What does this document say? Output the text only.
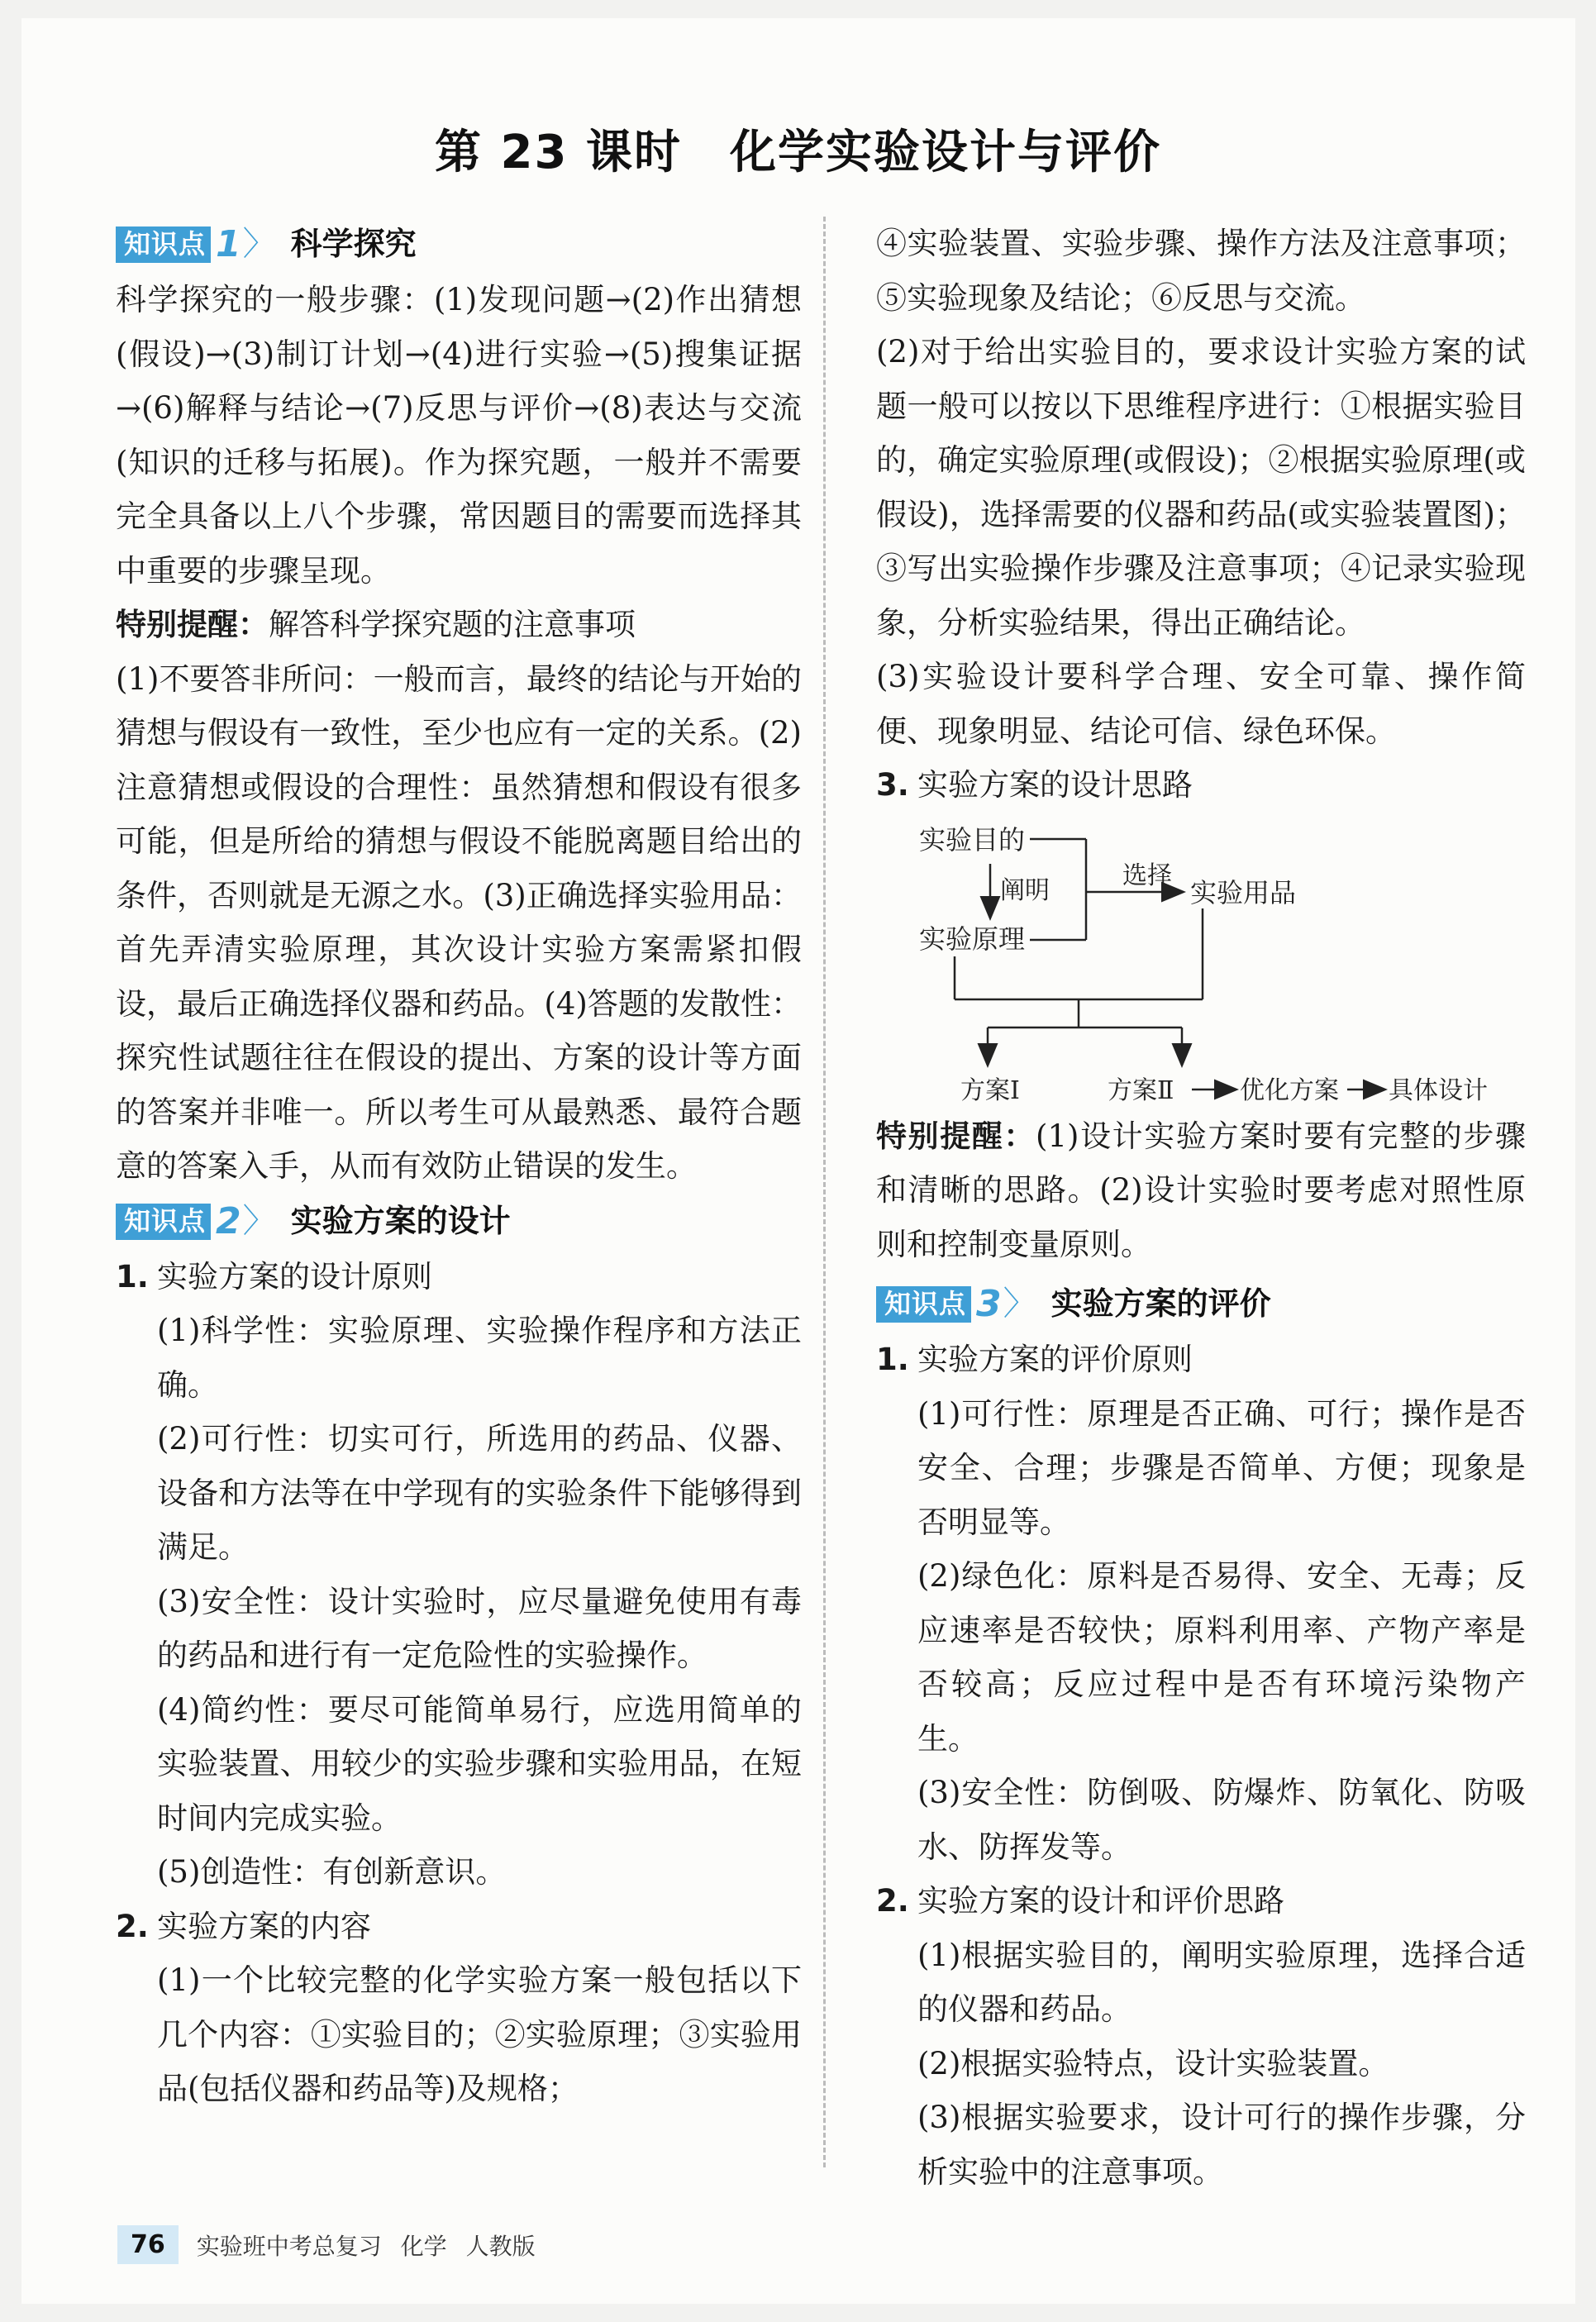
第 23 课时　化学实验设计与评价
知识点 1 〉 科学探究
科学探究的一般步骤：(1)发现问题→(2)作出猜想(假设)→(3)制订计划→(4)进行实验→(5)搜集证据→(6)解释与结论→(7)反思与评价→(8)表达与交流(知识的迁移与拓展)。作为探究题，一般并不需要完全具备以上八个步骤，常因题目的需要而选择其中重要的步骤呈现。
特别提醒：解答科学探究题的注意事项
(1)不要答非所问：一般而言，最终的结论与开始的猜想与假设有一致性，至少也应有一定的关系。(2)注意猜想或假设的合理性：虽然猜想和假设有很多可能，但是所给的猜想与假设不能脱离题目给出的条件，否则就是无源之水。(3)正确选择实验用品：首先弄清实验原理，其次设计实验方案需紧扣假设，最后正确选择仪器和药品。(4)答题的发散性：探究性试题往往在假设的提出、方案的设计等方面的答案并非唯一。所以考生可从最熟悉、最符合题意的答案入手，从而有效防止错误的发生。
知识点 2 〉 实验方案的设计
1. 实验方案的设计原则
(1)科学性：实验原理、实验操作程序和方法正确。
(2)可行性：切实可行，所选用的药品、仪器、设备和方法等在中学现有的实验条件下能够得到满足。
(3)安全性：设计实验时，应尽量避免使用有毒的药品和进行有一定危险性的实验操作。
(4)简约性：要尽可能简单易行，应选用简单的实验装置、用较少的实验步骤和实验用品，在短时间内完成实验。
(5)创造性：有创新意识。
2. 实验方案的内容
(1)一个比较完整的化学实验方案一般包括以下几个内容：①实验目的；②实验原理；③实验用品(包括仪器和药品等)及规格；
④实验装置、实验步骤、操作方法及注意事项；⑤实验现象及结论；⑥反思与交流。
(2)对于给出实验目的，要求设计实验方案的试题一般可以按以下思维程序进行：①根据实验目的，确定实验原理(或假设)；②根据实验原理(或假设)，选择需要的仪器和药品(或实验装置图)；③写出实验操作步骤及注意事项；④记录实验现象，分析实验结果，得出正确结论。
(3)实验设计要科学合理、安全可靠、操作简便、现象明显、结论可信、绿色环保。
3. 实验方案的设计思路
实验目的
阐明
实验原理
选择
实验用品
方案Ⅰ	方案Ⅱ	优化方案 具体设计
特别提醒：(1)设计实验方案时要有完整的步骤和清晰的思路。(2)设计实验时要考虑对照性原则和控制变量原则。
知识点 3 〉 实验方案的评价
1. 实验方案的评价原则
(1)可行性：原理是否正确、可行；操作是否安全、合理；步骤是否简单、方便；现象是否明显等。
(2)绿色化：原料是否易得、安全、无毒；反应速率是否较快；原料利用率、产物产率是否较高；反应过程中是否有环境污染物产生。
(3)安全性：防倒吸、防爆炸、防氧化、防吸水、防挥发等。
2. 实验方案的设计和评价思路
(1)根据实验目的，阐明实验原理，选择合适的仪器和药品。
(2)根据实验特点，设计实验装置。
(3)根据实验要求，设计可行的操作步骤，分析实验中的注意事项。
76	实验班中考总复习 化学 人教版
